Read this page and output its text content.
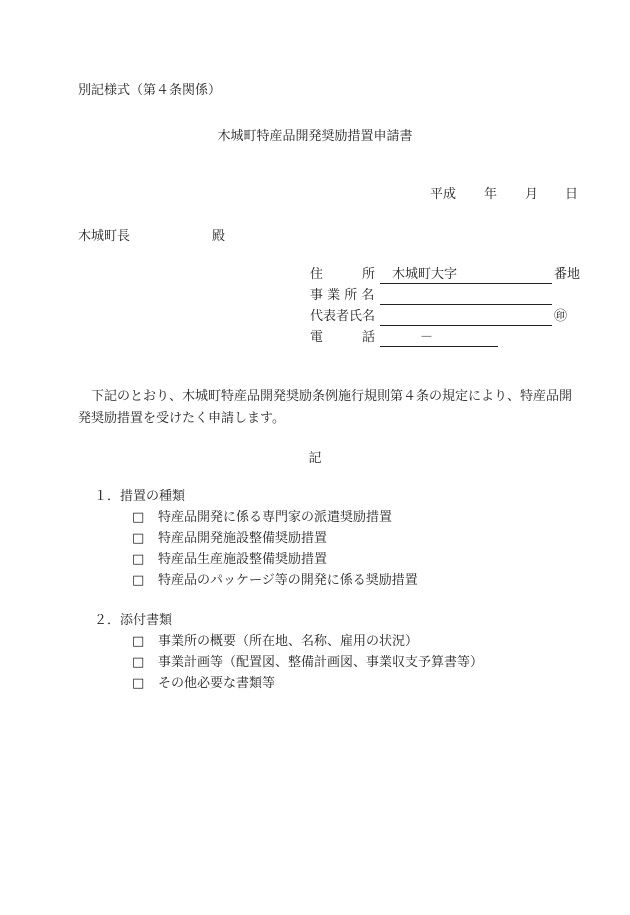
別記様式（第４条関係）
木城町特産品開発奨励措置申請書
平成 年 月 日
木城町長	殿
住　　　所 木城町大字	番地
事 業 所 名
代表者氏名	㊞
電　　　話	－
下記のとおり、木城町特産品開発奨励条例施行規則第４条の規定により、特産品開発奨励措置を受けたく申請します。
記
１．措置の種類
□ 特産品開発に係る専門家の派遣奨励措置
□ 特産品開発施設整備奨励措置
□ 特産品生産施設整備奨励措置
□ 特産品のパッケージ等の開発に係る奨励措置
２．添付書類
□ 事業所の概要（所在地、名称、雇用の状況）
□ 事業計画等（配置図、整備計画図、事業収支予算書等）
□ その他必要な書類等
